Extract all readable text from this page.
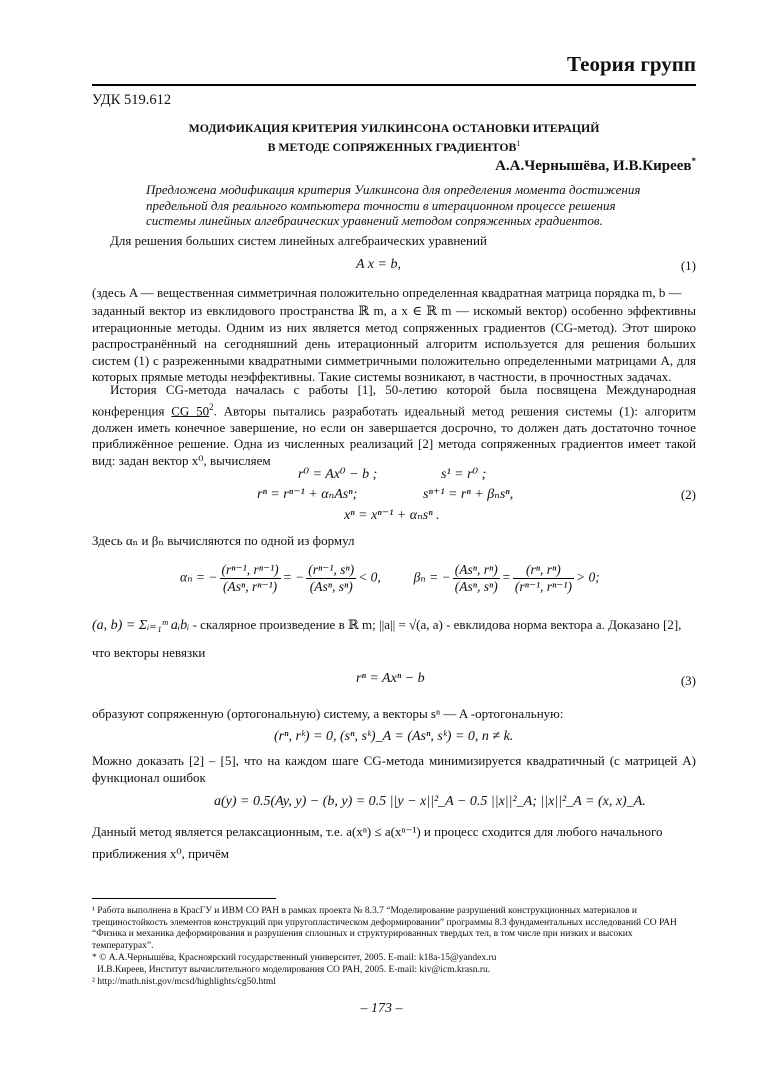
Теория групп
УДК 519.612
МОДИФИКАЦИЯ КРИТЕРИЯ УИЛКИНСОНА ОСТАНОВКИ ИТЕРАЦИЙ
В МЕТОДЕ СОПРЯЖЕННЫХ ГРАДИЕНТОВ$^1$
А.А.Чернышёва, И.В.Киреев*
Предложена модификация критерия Уилкинсона для определения момента достижения предельной для реального компьютера точности в итерационном процессе решения системы линейных алгебраических уравнений методом сопряженных градиентов.
Для решения больших систем линейных алгебраических уравнений
A x = b,	(1)
(здесь A — вещественная симметричная положительно определенная квадратная матрица порядка m, b —
заданный вектор из евклидового пространства ℝ m, а x ∈ ℝ m — искомый вектор) особенно эффективны итерационные методы. Одним из них является метод сопряженных градиентов (CG-метод). Этот широко распространённый на сегодняшний день итерационный алгоритм используется для решения больших систем (1) с разреженными квадратными симметричными положительно определенными матрицами A, для которых прямые методы неэффективны. Такие системы возникают, в частности, в прочностных задачах.
История CG-метода началась с работы [1], 50-летию которой была посвящена Международная конференция CG $50^2$. Авторы пытались разработать идеальный метод решения системы (1): алгоритм должен иметь конечное завершение, но если он завершается досрочно, то должен дать достаточно точное приближённое решение. Одна из численных реализаций [2] метода сопряженных градиентов имеет такой вид: задан вектор x⁰, вычисляем
r⁰ = Ax⁰ − b ;	s¹ = r⁰ ;
rⁿ = rⁿ⁻¹ + αₙAsⁿ;	sⁿ⁺¹ = rⁿ + βₙsⁿ,
xⁿ = xⁿ⁻¹ + αₙsⁿ .
(2)
Здесь αₙ и βₙ вычисляются по одной из формул
αₙ = − $\frac{\text{(rⁿ⁻¹, rⁿ⁻¹)}}{\text{(Asⁿ, rⁿ⁻¹)}}$ = − $\frac{\text{(rⁿ⁻¹, sⁿ)}}{\text{(Asⁿ, sⁿ)}} < 0$, βₙ = − $\frac{\text{(Asⁿ, rⁿ)}}{\text{(Asⁿ, sⁿ)}} = \frac{\text{(rⁿ, rⁿ)}}{\text{(rⁿ⁻¹, rⁿ⁻¹)}} > 0$;
(a, b) = Σᵢ₌₁ᵐ aᵢbᵢ - скалярное произведение в ℝ m; ||a|| = √(a, a) - евклидова норма вектора a. Доказано [2],
что векторы невязки
rⁿ = Axⁿ − b	(3)
образуют сопряженную (ортогональную) систему, а векторы sⁿ — A -ортогональную:
(rⁿ, rᵏ) = 0, (sⁿ, sᵏ)_A = (Asⁿ, sᵏ) = 0, n ≠ k.
Можно доказать [2] – [5], что на каждом шаге CG-метода минимизируется квадратичный (с матрицей A) функционал ошибок
a(y) = 0.5(Ay, y) − (b, y) = 0.5 ||y − x||²_A − 0.5 ||x||²_A; ||x||²_A = (x, x)_A.
Данный метод является релаксационным, т.е. a(xⁿ) ≤ a(xⁿ⁻¹) и процесс сходится для любого начального
приближения x⁰, причём
¹ Работа выполнена в КрасГУ и ИВМ СО РАН в рамках проекта № 8.3.7 “Моделирование разрушений конструкционных материалов и трещиностойкость элементов конструкций при упругопластическом деформировании” программы 8.3 фундаментальных исследований СО РАН “Физика и механика деформирования и разрушения сплошных и структурированных твердых тел, в том числе при низких и высоких температурах”.
* © А.А.Чернышёва, Красноярский государственный университет, 2005. E-mail: k18a-15@yandex.ru
И.В.Киреев, Институт вычислительного моделирования СО РАН, 2005. E-mail: kiv@icm.krasn.ru.
² http://math.nist.gov/mcsd/highlights/cg50.html
– 173 –
